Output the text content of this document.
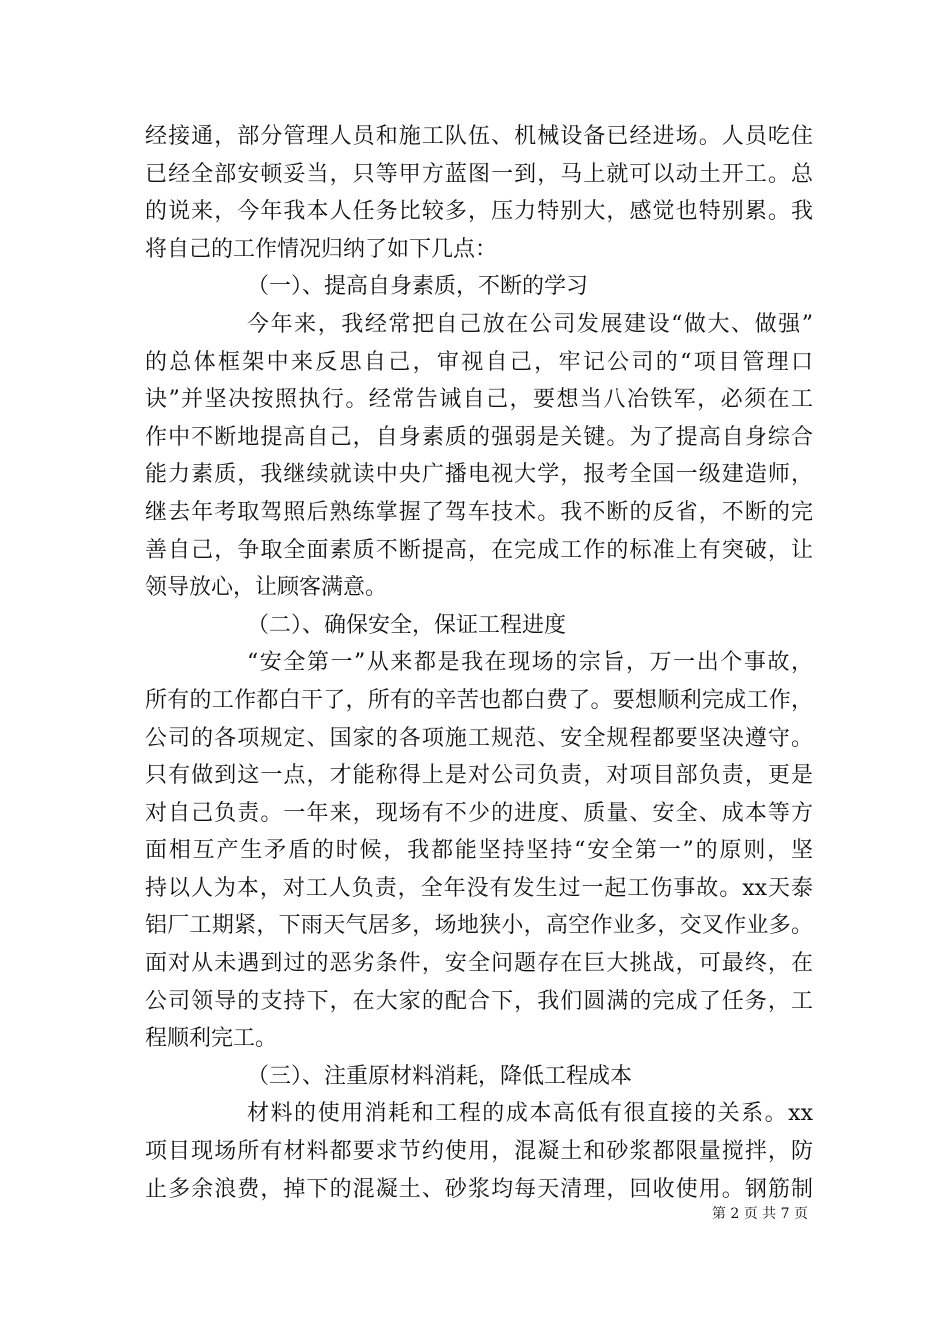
经接通，部分管理人员和施工队伍、机械设备已经进场。人员吃住
已经全部安顿妥当，只等甲方蓝图一到，马上就可以动土开工。总
的说来，今年我本人任务比较多，压力特别大，感觉也特别累。我
将自己的工作情况归纳了如下几点：
（一）、提高自身素质，不断的学习
今年来，我经常把自己放在公司发展建设“做大、做强”
的总体框架中来反思自己，审视自己，牢记公司的“项目管理口
诀”并坚决按照执行。经常告诫自己，要想当八冶铁军，必须在工
作中不断地提高自己，自身素质的强弱是关键。为了提高自身综合
能力素质，我继续就读中央广播电视大学，报考全国一级建造师，
继去年考取驾照后熟练掌握了驾车技术。我不断的反省，不断的完
善自己，争取全面素质不断提高，在完成工作的标准上有突破，让
领导放心，让顾客满意。
（二）、确保安全，保证工程进度
“安全第一”从来都是我在现场的宗旨，万一出个事故，
所有的工作都白干了，所有的辛苦也都白费了。要想顺利完成工作，
公司的各项规定、国家的各项施工规范、安全规程都要坚决遵守。
只有做到这一点，才能称得上是对公司负责，对项目部负责，更是
对自己负责。一年来，现场有不少的进度、质量、安全、成本等方
面相互产生矛盾的时候，我都能坚持坚持“安全第一”的原则，坚
持以人为本，对工人负责，全年没有发生过一起工伤事故。xx天泰
铝厂工期紧，下雨天气居多，场地狭小，高空作业多，交叉作业多。
面对从未遇到过的恶劣条件，安全问题存在巨大挑战，可最终，在
公司领导的支持下，在大家的配合下，我们圆满的完成了任务，工
程顺利完工。
（三）、注重原材料消耗，降低工程成本
材料的使用消耗和工程的成本高低有很直接的关系。xx
项目现场所有材料都要求节约使用，混凝土和砂浆都限量搅拌，防
止多余浪费，掉下的混凝土、砂浆均每天清理，回收使用。钢筋制
第 2 页 共 7 页
